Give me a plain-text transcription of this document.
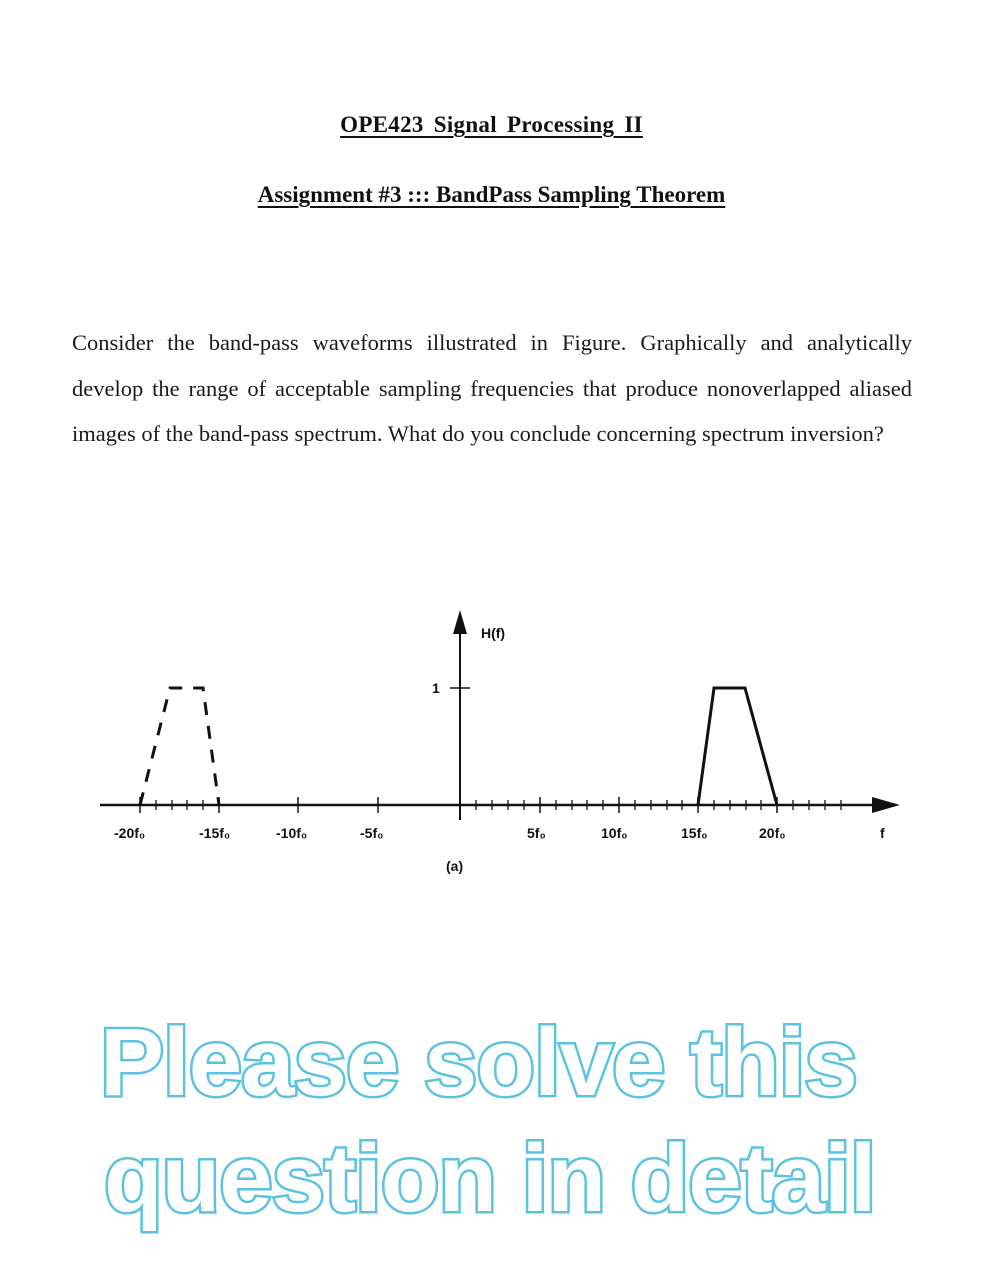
OPE423 Signal Processing II
Assignment #3 ::: BandPass Sampling Theorem
Consider the band-pass waveforms illustrated in Figure. Graphically and analytically develop the range of acceptable sampling frequencies that produce nonoverlapped aliased images of the band-pass spectrum. What do you conclude concerning spectrum inversion?
H(f)
1
-20f₀	-15f₀	-10f₀	-5f₀	5f₀	10f₀	15f₀	20f₀	f
(a)
Please solve this
question in detail
